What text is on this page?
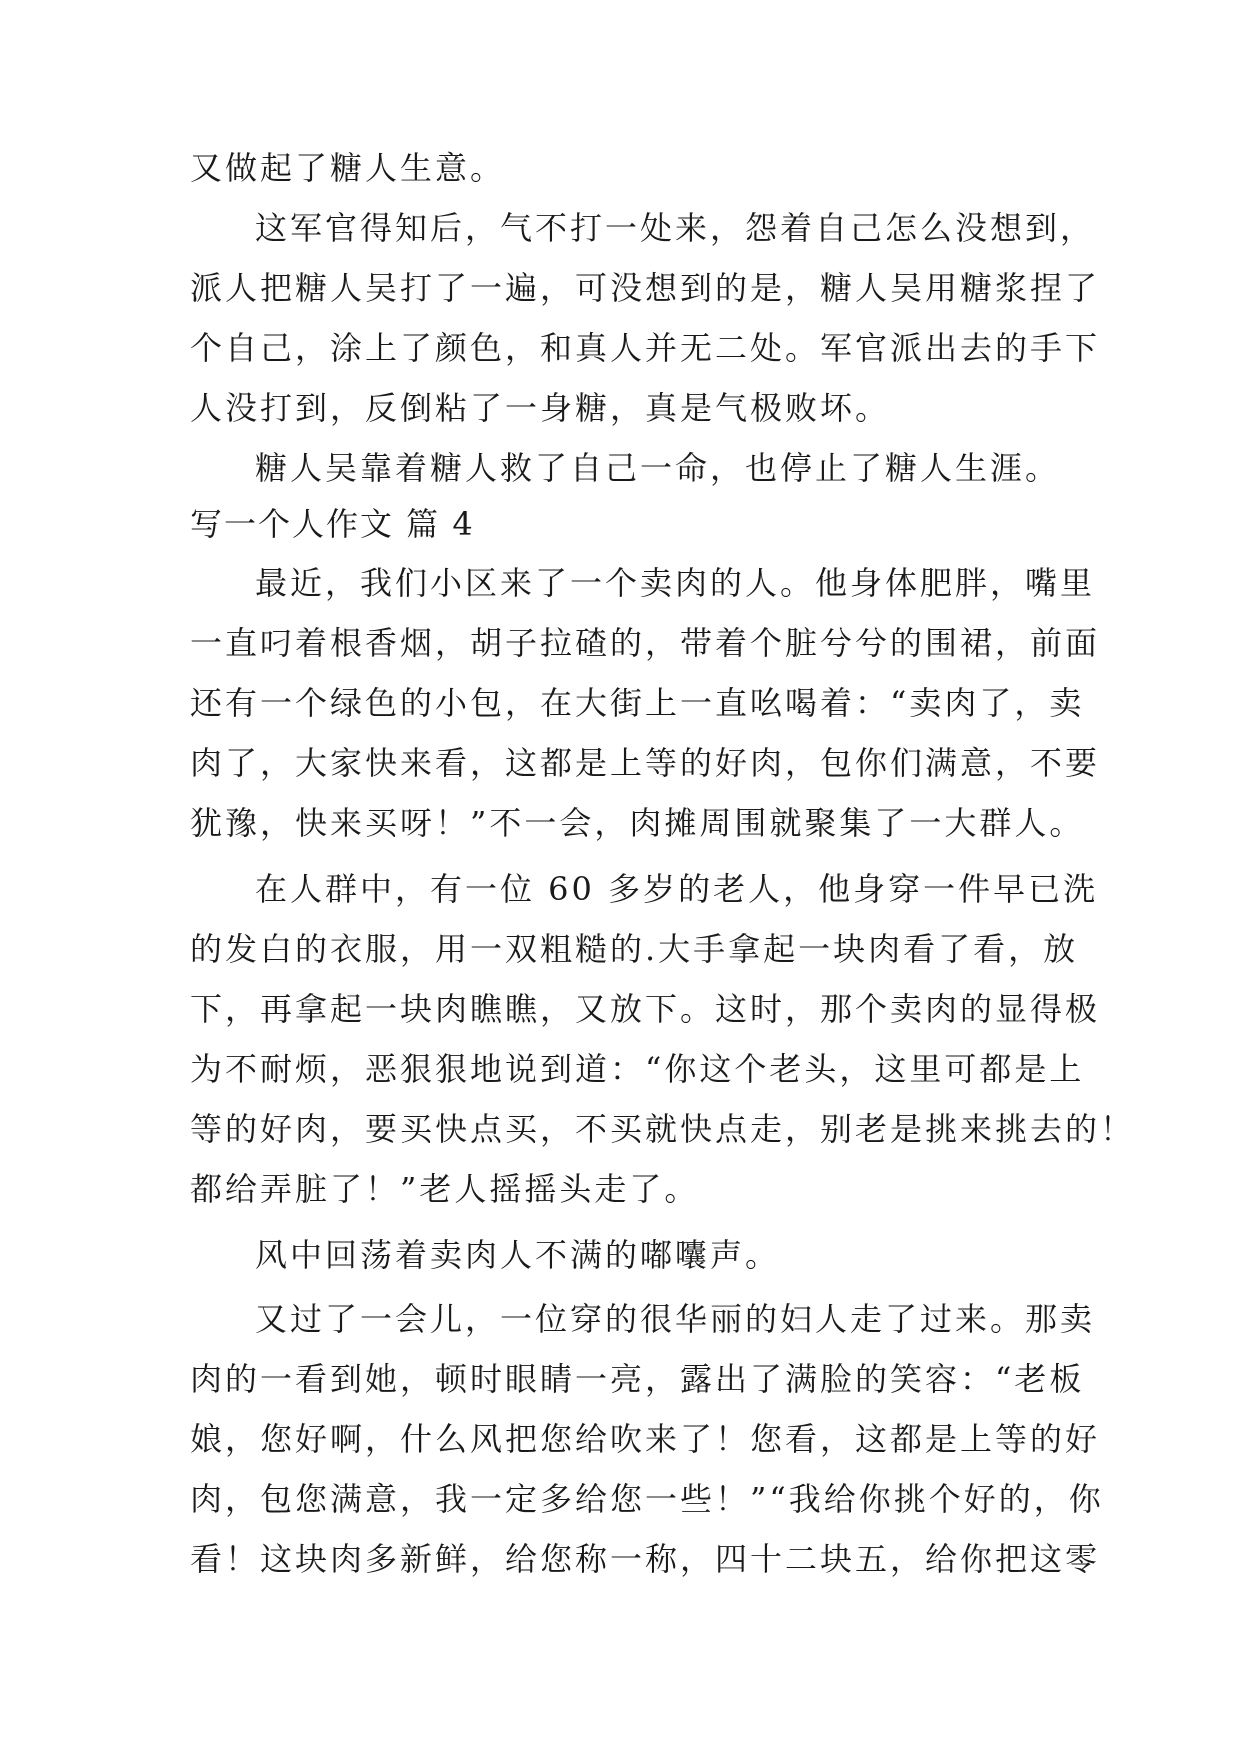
又做起了糖人生意。

这军官得知后，气不打一处来，怨着自己怎么没想到，

派人把糖人吴打了一遍，可没想到的是，糖人吴用糖浆捏了

个自己，涂上了颜色，和真人并无二处。军官派出去的手下

人没打到，反倒粘了一身糖，真是气极败坏。

糖人吴靠着糖人救了自己一命，也停止了糖人生涯。

写一个人作文 篇 4

最近，我们小区来了一个卖肉的人。他身体肥胖，嘴里

一直叼着根香烟，胡子拉碴的，带着个脏兮兮的围裙，前面

还有一个绿色的小包，在大街上一直吆喝着：“卖肉了，卖

肉了，大家快来看，这都是上等的好肉，包你们满意，不要

犹豫，快来买呀！”不一会，肉摊周围就聚集了一大群人。

在人群中，有一位 60 多岁的老人，他身穿一件早已洗

的发白的衣服，用一双粗糙的.大手拿起一块肉看了看，放

下，再拿起一块肉瞧瞧，又放下。这时，那个卖肉的显得极

为不耐烦，恶狠狠地说到道：“你这个老头，这里可都是上

等的好肉，要买快点买，不买就快点走，别老是挑来挑去的！

都给弄脏了！”老人摇摇头走了。

风中回荡着卖肉人不满的嘟囔声。

又过了一会儿，一位穿的很华丽的妇人走了过来。那卖

肉的一看到她，顿时眼睛一亮，露出了满脸的笑容：“老板

娘，您好啊，什么风把您给吹来了！您看，这都是上等的好

肉，包您满意，我一定多给您一些！”“我给你挑个好的，你

看！这块肉多新鲜，给您称一称，四十二块五，给你把这零
